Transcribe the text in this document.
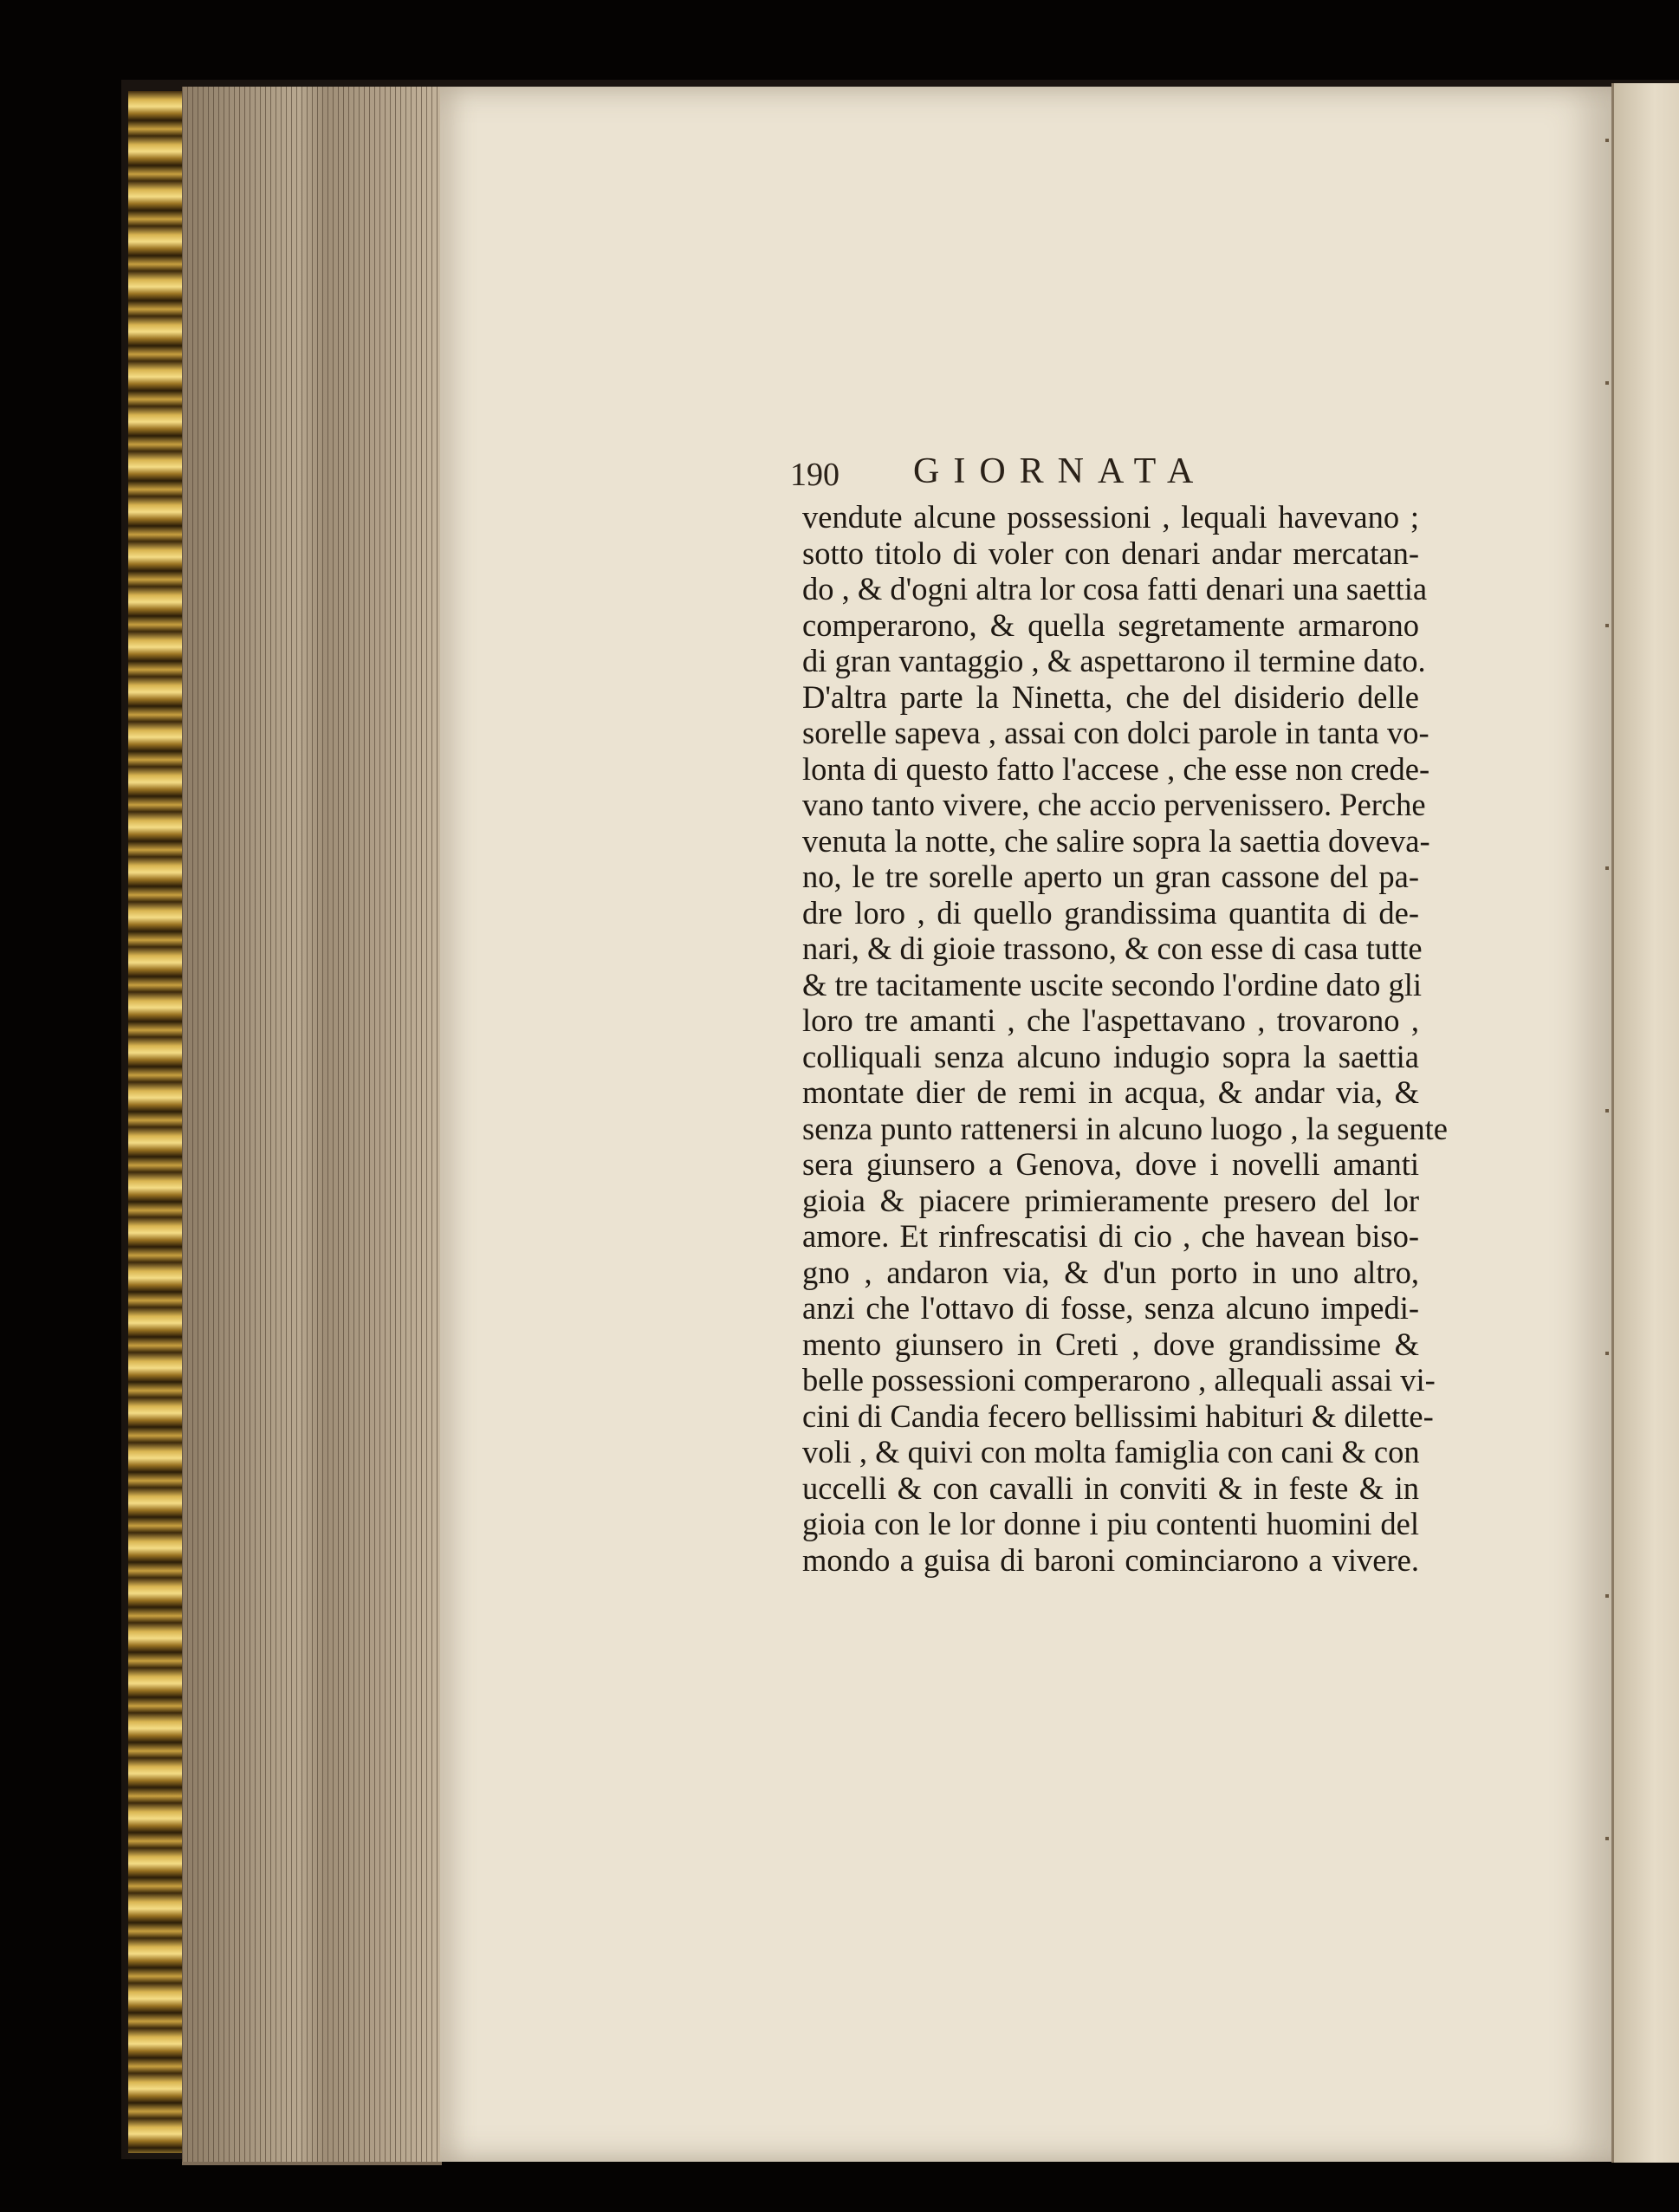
190 GIORNATA
vendute alcune possessioni , lequali havevano ;
sotto titolo di voler con denari andar mercatan-
do , & d'ogni altra lor cosa fatti denari una saettia
comperarono, & quella segretamente armarono
di gran vantaggio , & aspettarono il termine dato.
D'altra parte la Ninetta, che del disiderio delle
sorelle sapeva , assai con dolci parole in tanta vo-
lonta di questo fatto l'accese , che esse non crede-
vano tanto vivere, che accio pervenissero. Perche
venuta la notte, che salire sopra la saettia doveva-
no, le tre sorelle aperto un gran cassone del pa-
dre loro , di quello grandissima quantita di de-
nari, & di gioie trassono, & con esse di casa tutte
& tre tacitamente uscite secondo l'ordine dato gli
loro tre amanti , che l'aspettavano , trovarono ,
colliquali senza alcuno indugio sopra la saettia
montate dier de remi in acqua, & andar via, &
senza punto rattenersi in alcuno luogo , la seguente
sera giunsero a Genova, dove i novelli amanti
gioia & piacere primieramente presero del lor
amore. Et rinfrescatisi di cio , che havean biso-
gno , andaron via, & d'un porto in uno altro,
anzi che l'ottavo di fosse, senza alcuno impedi-
mento giunsero in Creti , dove grandissime &
belle possessioni comperarono , allequali assai vi-
cini di Candia fecero bellissimi habituri & dilette-
voli , & quivi con molta famiglia con cani & con
uccelli & con cavalli in conviti & in feste & in
gioia con le lor donne i piu contenti huomini del
mondo a guisa di baroni cominciarono a vivere.
